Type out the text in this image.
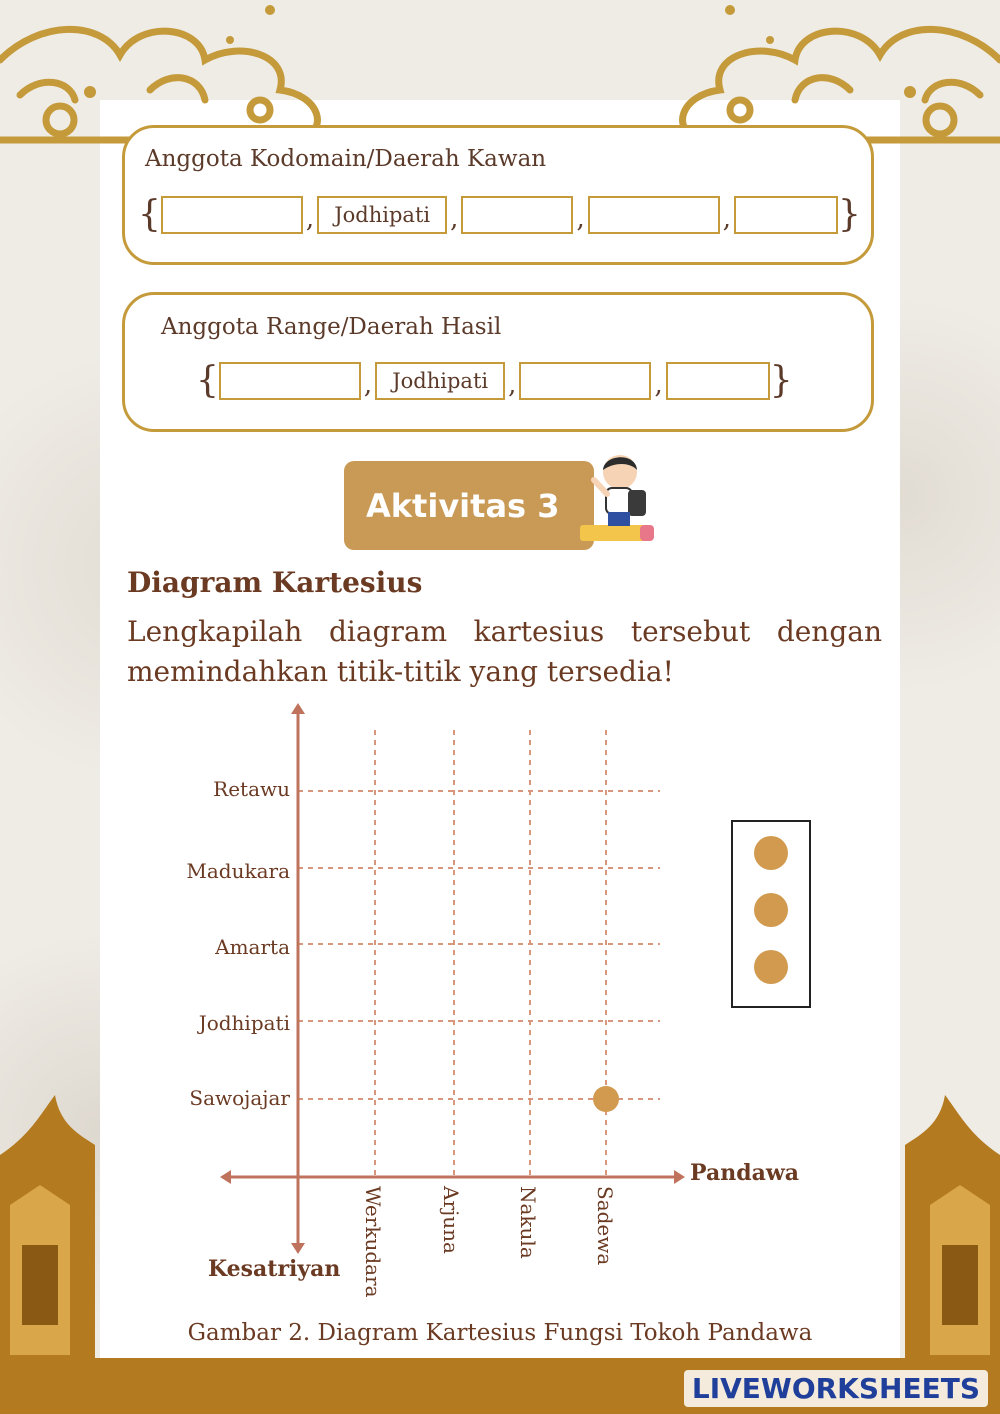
Anggota Kodomain/Daerah Kawan
{	, Jodhipati ,	,	,	}
Anggota Range/Daerah Hasil
{	, Jodhipati ,	,	}
Aktivitas 3
Diagram Kartesius
Lengkapilah diagram kartesius tersebut dengan memindahkan titik-titik yang tersedia!
Retawu
Madukara
Amarta
Jodhipati
Sawojajar
Werkudara	Arjuna	Nakula	Sadewa
Pandawa
Kesatriyan
Gambar 2. Diagram Kartesius Fungsi Tokoh Pandawa
LIVEWORKSHEETS
